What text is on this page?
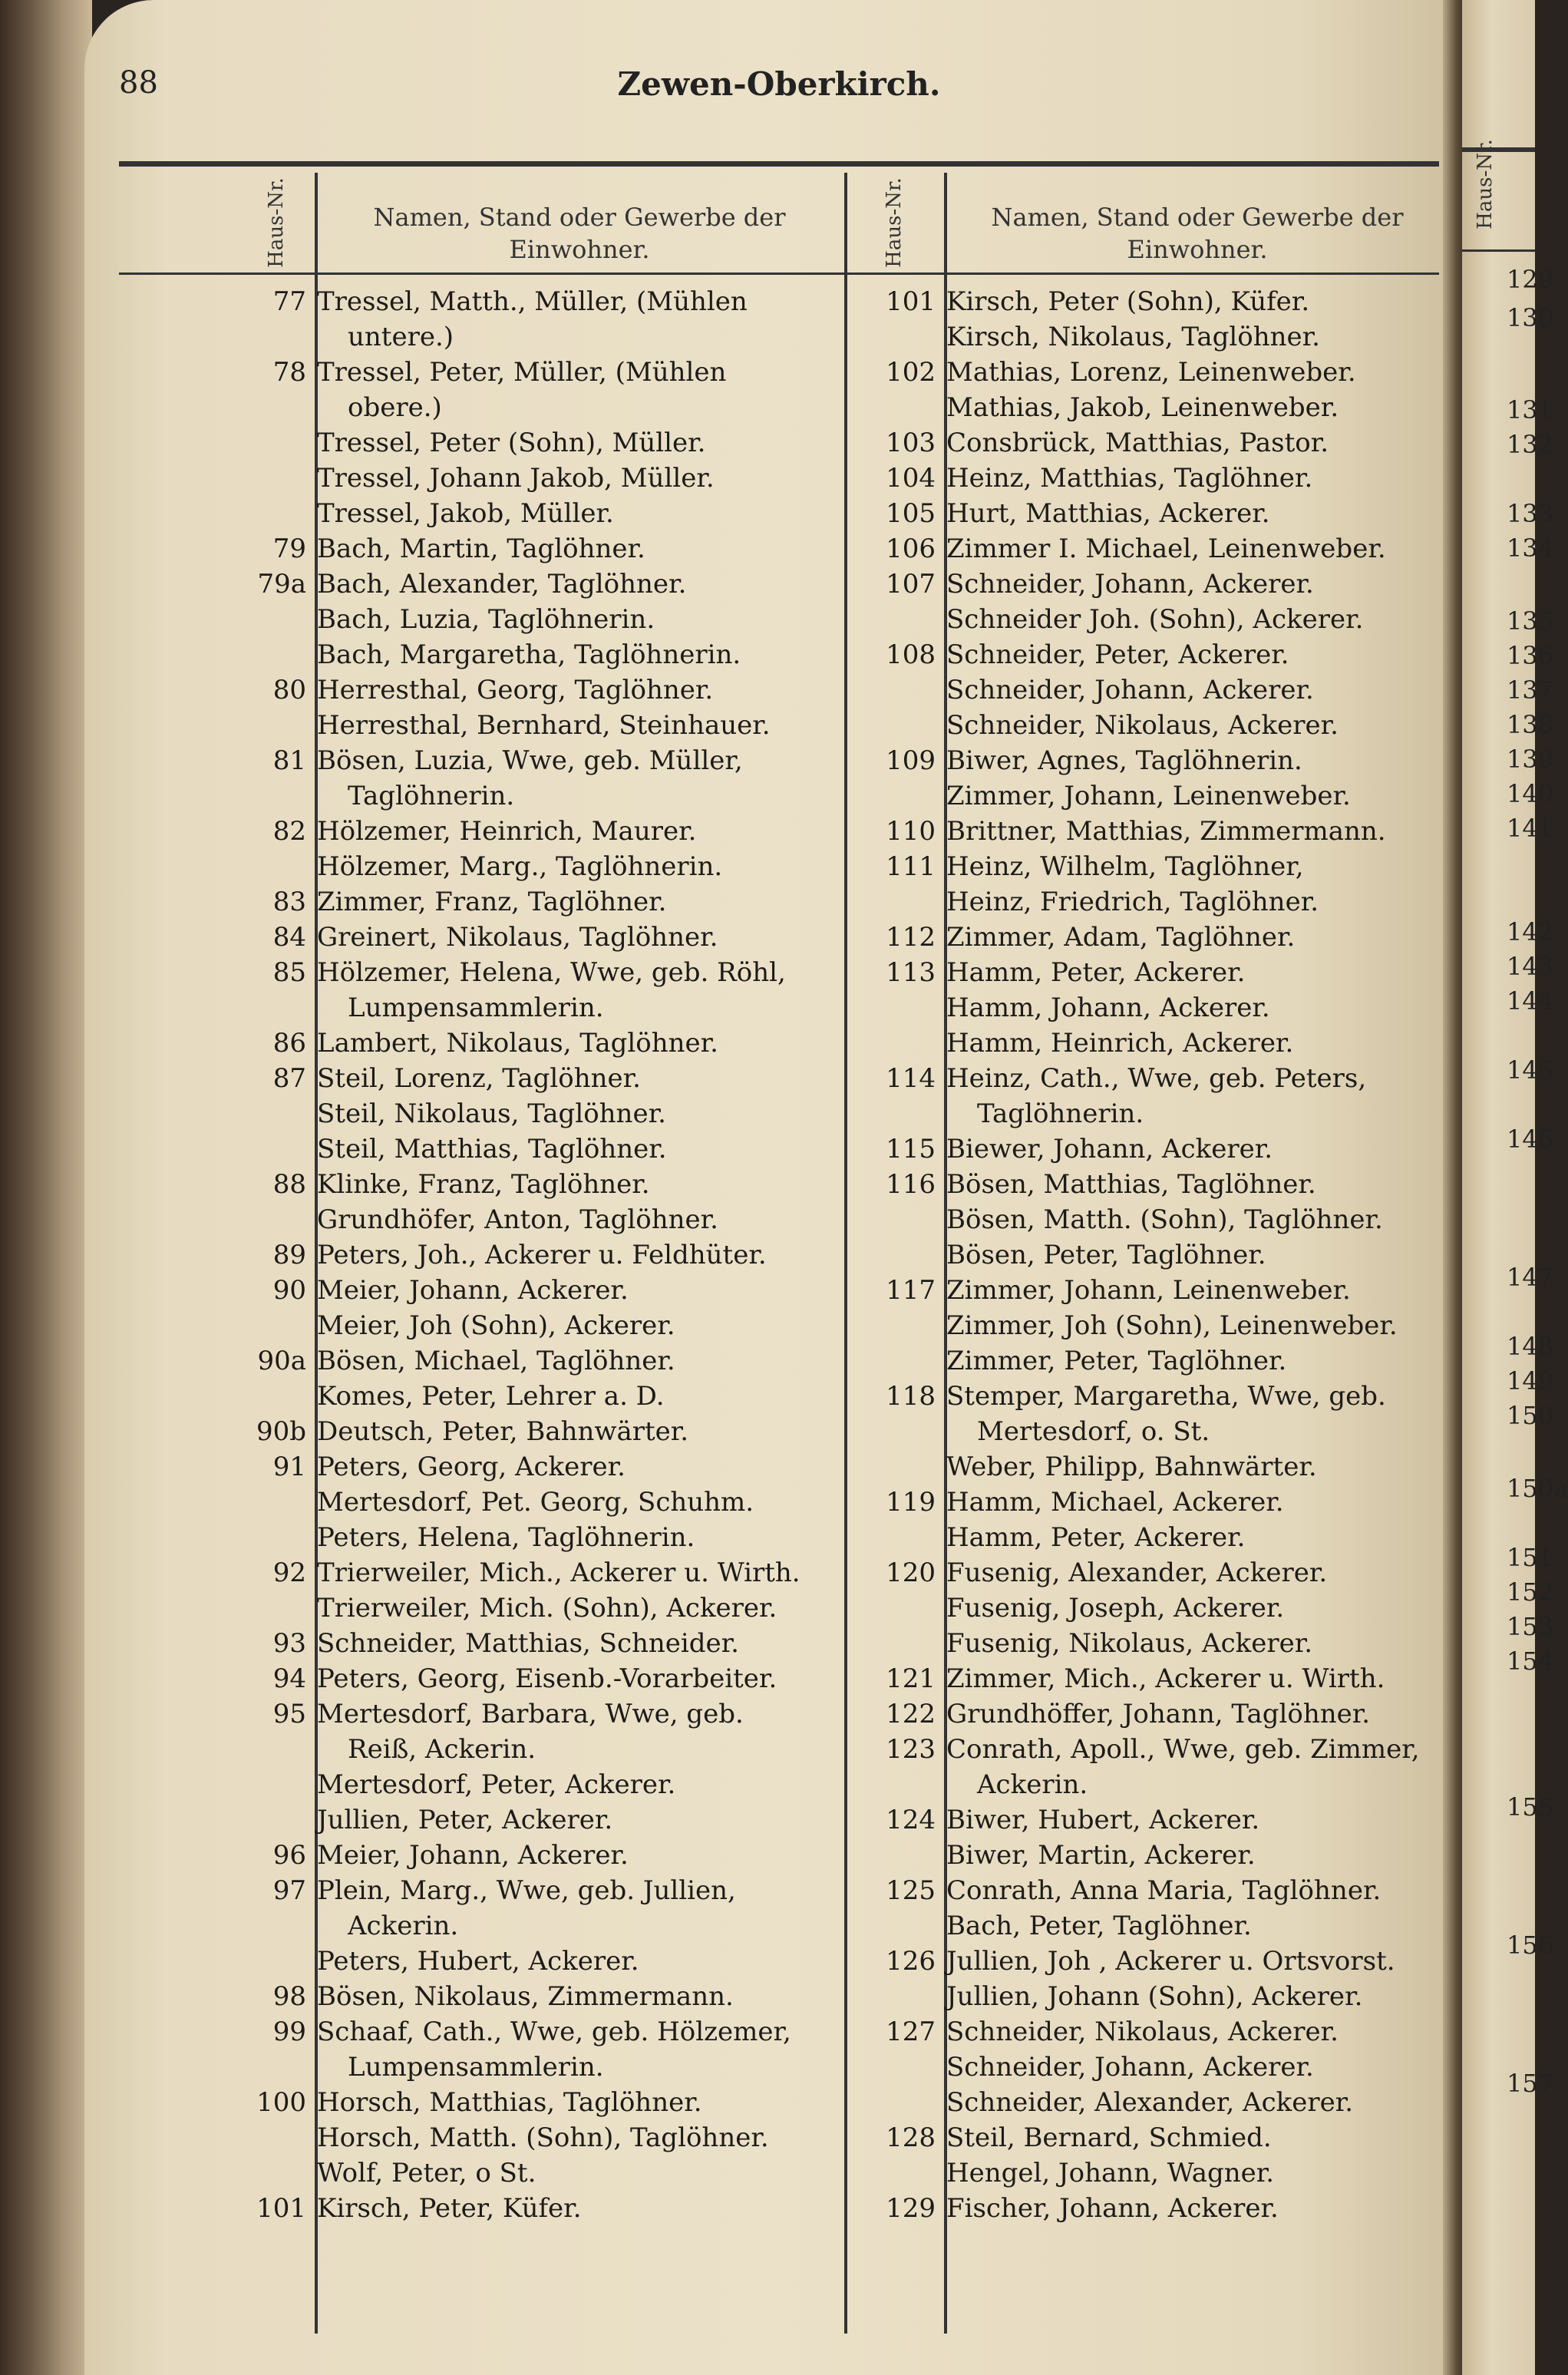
88	Zewen-Oberkirch.
Haus-Nr.	Namen, Stand oder Gewerbe der Einwohner.	Haus-Nr.	Namen, Stand oder Gewerbe der Einwohner.
77 Tressel, Matth., Müller, (Mühlen
untere.)
78 Tressel, Peter, Müller, (Mühlen
obere.)
Tressel, Peter (Sohn), Müller.
Tressel, Johann Jakob, Müller.
Tressel, Jakob, Müller.
79 Bach, Martin, Taglöhner.
79a Bach, Alexander, Taglöhner.
Bach, Luzia, Taglöhnerin.
Bach, Margaretha, Taglöhnerin.
80 Herresthal, Georg, Taglöhner.
Herresthal, Bernhard, Steinhauer.
81 Bösen, Luzia, Wwe, geb. Müller,
Taglöhnerin.
82 Hölzemer, Heinrich, Maurer.
Hölzemer, Marg., Taglöhnerin.
83 Zimmer, Franz, Taglöhner.
84 Greinert, Nikolaus, Taglöhner.
85 Hölzemer, Helena, Wwe, geb. Röhl,
Lumpensammlerin.
86 Lambert, Nikolaus, Taglöhner.
87 Steil, Lorenz, Taglöhner.
Steil, Nikolaus, Taglöhner.
Steil, Matthias, Taglöhner.
88 Klinke, Franz, Taglöhner.
Grundhöfer, Anton, Taglöhner.
89 Peters, Joh., Ackerer u. Feldhüter.
90 Meier, Johann, Ackerer.
Meier, Joh (Sohn), Ackerer.
90a Bösen, Michael, Taglöhner.
Komes, Peter, Lehrer a. D.
90b Deutsch, Peter, Bahnwärter.
91 Peters, Georg, Ackerer.
Mertesdorf, Pet. Georg, Schuhm.
Peters, Helena, Taglöhnerin.
92 Trierweiler, Mich., Ackerer u. Wirth.
Trierweiler, Mich. (Sohn), Ackerer.
93 Schneider, Matthias, Schneider.
94 Peters, Georg, Eisenb.-Vorarbeiter.
95 Mertesdorf, Barbara, Wwe, geb.
Reiß, Ackerin.
Mertesdorf, Peter, Ackerer.
Jullien, Peter, Ackerer.
96 Meier, Johann, Ackerer.
97 Plein, Marg., Wwe, geb. Jullien,
Ackerin.
Peters, Hubert, Ackerer.
98 Bösen, Nikolaus, Zimmermann.
99 Schaaf, Cath., Wwe, geb. Hölzemer,
Lumpensammlerin.
100 Horsch, Matthias, Taglöhner.
Horsch, Matth. (Sohn), Taglöhner.
Wolf, Peter, o St.
101 Kirsch, Peter, Küfer.
101 Kirsch, Peter (Sohn), Küfer.
Kirsch, Nikolaus, Taglöhner.
102 Mathias, Lorenz, Leinenweber.
Mathias, Jakob, Leinenweber.
103 Consbrück, Matthias, Pastor.
104 Heinz, Matthias, Taglöhner.
105 Hurt, Matthias, Ackerer.
106 Zimmer I. Michael, Leinenweber.
107 Schneider, Johann, Ackerer.
Schneider Joh. (Sohn), Ackerer.
108 Schneider, Peter, Ackerer.
Schneider, Johann, Ackerer.
Schneider, Nikolaus, Ackerer.
109 Biwer, Agnes, Taglöhnerin.
Zimmer, Johann, Leinenweber.
110 Brittner, Matthias, Zimmermann.
111 Heinz, Wilhelm, Taglöhner,
Heinz, Friedrich, Taglöhner.
112 Zimmer, Adam, Taglöhner.
113 Hamm, Peter, Ackerer.
Hamm, Johann, Ackerer.
Hamm, Heinrich, Ackerer.
114 Heinz, Cath., Wwe, geb. Peters,
Taglöhnerin.
115 Biewer, Johann, Ackerer.
116 Bösen, Matthias, Taglöhner.
Bösen, Matth. (Sohn), Taglöhner.
Bösen, Peter, Taglöhner.
117 Zimmer, Johann, Leinenweber.
Zimmer, Joh (Sohn), Leinenweber.
Zimmer, Peter, Taglöhner.
118 Stemper, Margaretha, Wwe, geb.
Mertesdorf, o. St.
Weber, Philipp, Bahnwärter.
119 Hamm, Michael, Ackerer.
Hamm, Peter, Ackerer.
120 Fusenig, Alexander, Ackerer.
Fusenig, Joseph, Ackerer.
Fusenig, Nikolaus, Ackerer.
121 Zimmer, Mich., Ackerer u. Wirth.
122 Grundhöffer, Johann, Taglöhner.
123 Conrath, Apoll., Wwe, geb. Zimmer,
Ackerin.
124 Biwer, Hubert, Ackerer.
Biwer, Martin, Ackerer.
125 Conrath, Anna Maria, Taglöhner.
Bach, Peter, Taglöhner.
126 Jullien, Joh , Ackerer u. Ortsvorst.
Jullien, Johann (Sohn), Ackerer.
127 Schneider, Nikolaus, Ackerer.
Schneider, Johann, Ackerer.
Schneider, Alexander, Ackerer.
128 Steil, Bernard, Schmied.
Hengel, Johann, Wagner.
129 Fischer, Johann, Ackerer.
Haus-Nr.
129
130
131
132
133
134
135
136
137
138
139
140
141
142
143
144
145
146
147
148
149
150
150a
151
152
153
154
155
156
157
